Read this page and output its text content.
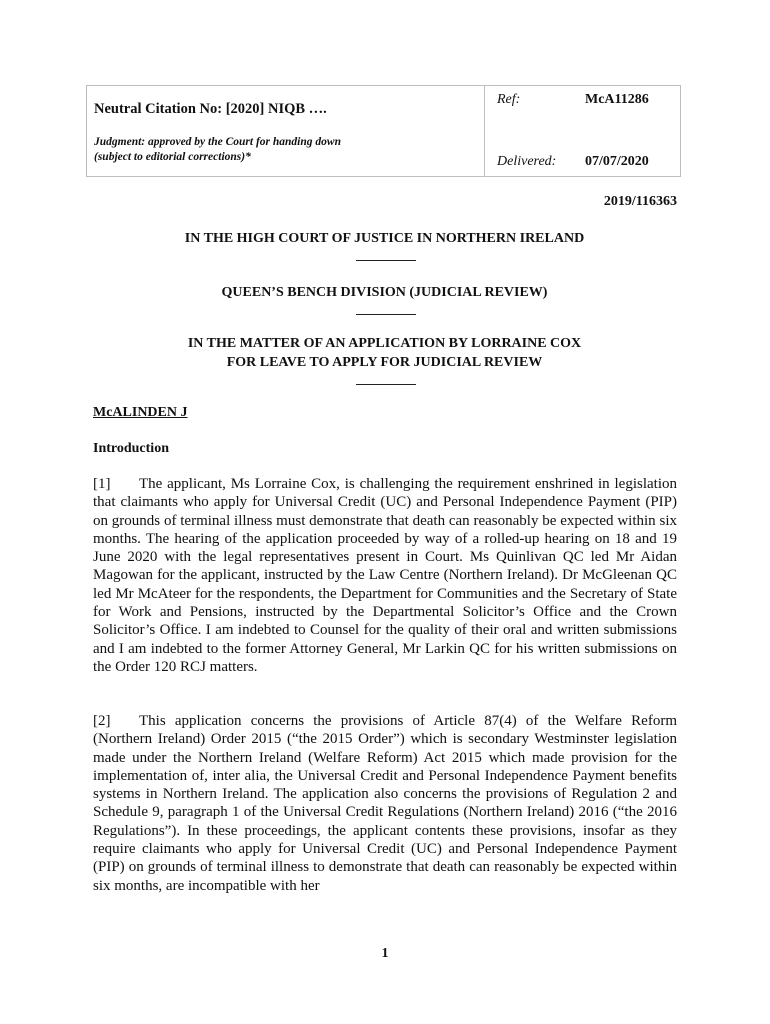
Neutral Citation No: [2020] NIQB ….
Judgment: approved by the Court for handing down
(subject to editorial corrections)*
Ref:	McA11286
Delivered: 07/07/2020
2019/116363
IN THE HIGH COURT OF JUSTICE IN NORTHERN IRELAND
QUEEN’S BENCH DIVISION (JUDICIAL REVIEW)
IN THE MATTER OF AN APPLICATION BY LORRAINE COX
FOR LEAVE TO APPLY FOR JUDICIAL REVIEW
McALINDEN J
Introduction
[1] The applicant, Ms Lorraine Cox, is challenging the requirement enshrined in legislation that claimants who apply for Universal Credit (UC) and Personal Independence Payment (PIP) on grounds of terminal illness must demonstrate that death can reasonably be expected within six months. The hearing of the application proceeded by way of a rolled-up hearing on 18 and 19 June 2020 with the legal representatives present in Court. Ms Quinlivan QC led Mr Aidan Magowan for the applicant, instructed by the Law Centre (Northern Ireland). Dr McGleenan QC led Mr McAteer for the respondents, the Department for Communities and the Secretary of State for Work and Pensions, instructed by the Departmental Solicitor’s Office and the Crown Solicitor’s Office. I am indebted to Counsel for the quality of their oral and written submissions and I am indebted to the former Attorney General, Mr Larkin QC for his written submissions on the Order 120 RCJ matters.
[2] This application concerns the provisions of Article 87(4) of the Welfare Reform (Northern Ireland) Order 2015 (“the 2015 Order”) which is secondary Westminster legislation made under the Northern Ireland (Welfare Reform) Act 2015 which made provision for the implementation of, inter alia, the Universal Credit and Personal Independence Payment benefits systems in Northern Ireland. The application also concerns the provisions of Regulation 2 and Schedule 9, paragraph 1 of the Universal Credit Regulations (Northern Ireland) 2016 (“the 2016 Regulations”). In these proceedings, the applicant contents these provisions, insofar as they require claimants who apply for Universal Credit (UC) and Personal Independence Payment (PIP) on grounds of terminal illness to demonstrate that death can reasonably be expected within six months, are incompatible with her
1
